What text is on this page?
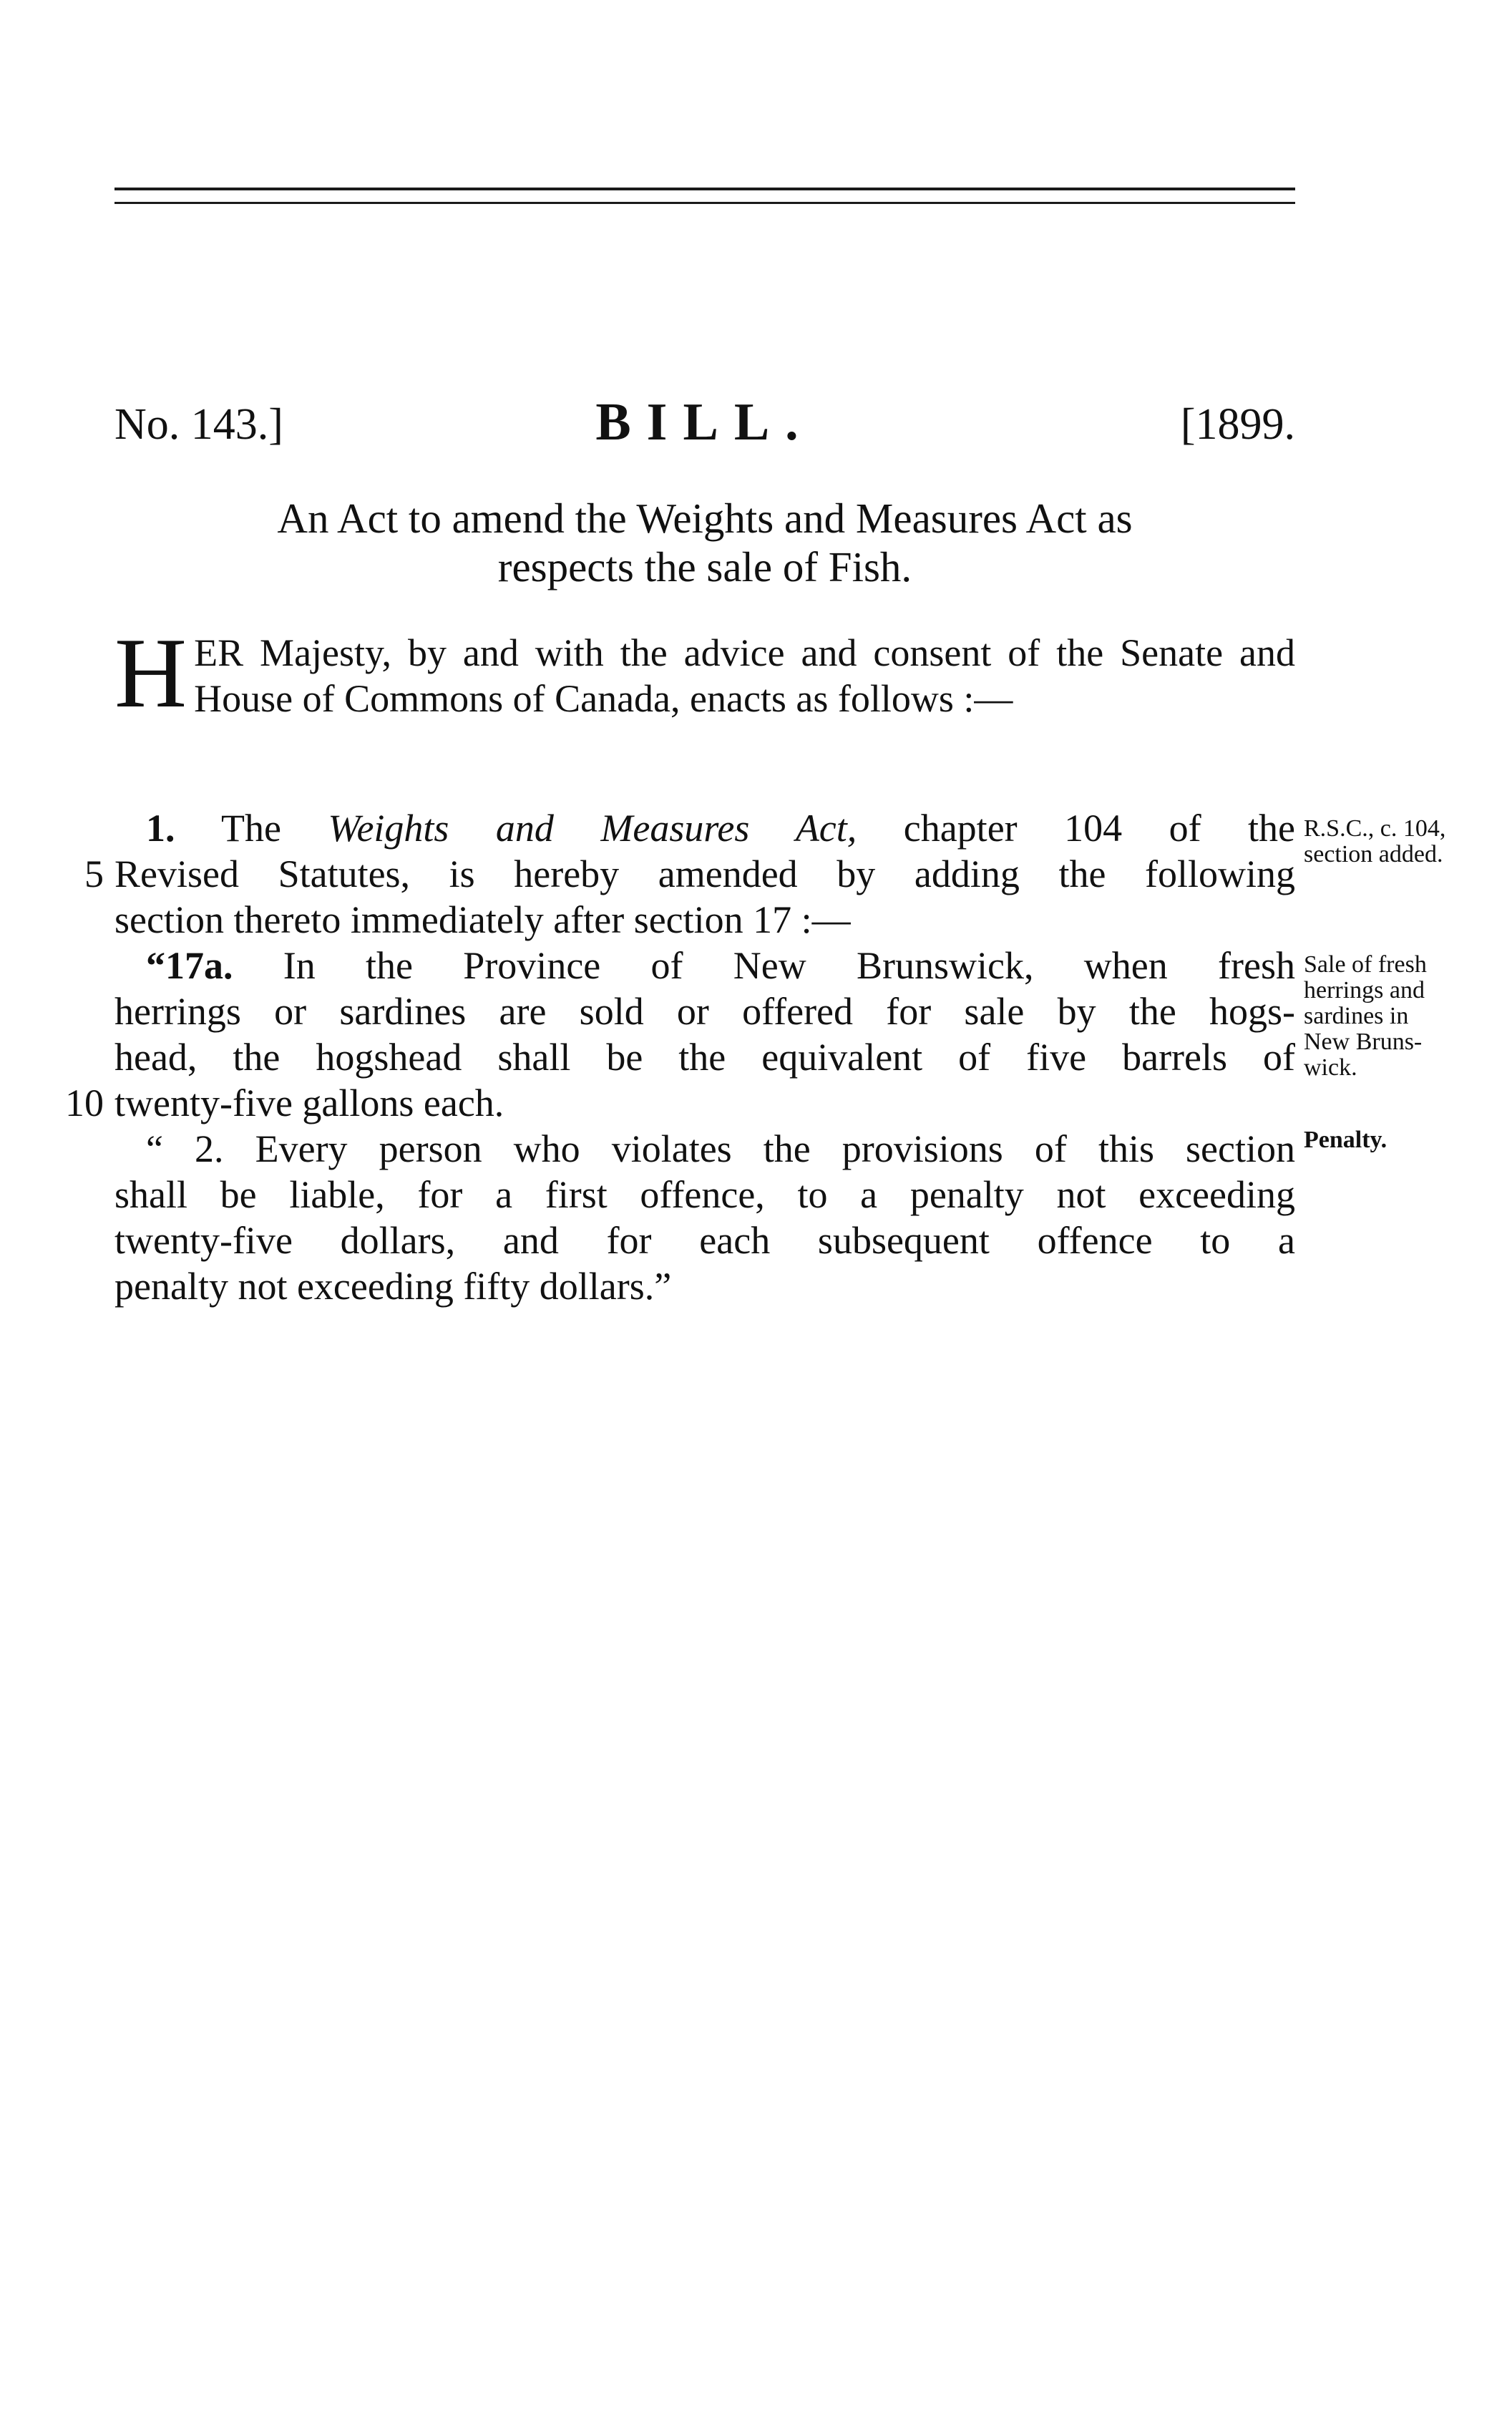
No. 143.]	BILL.	[1899.
An Act to amend the Weights and Measures Act as
respects the sale of Fish.
H ER Majesty, by and with the advice and consent of the Senate and House of Commons of Canada, enacts as follows :—
5
10
1. The Weights and Measures Act, chapter 104 of the
Revised Statutes, is hereby amended by adding the following
section thereto immediately after section 17 :—
“17a. In the Province of New Brunswick, when fresh
herrings or sardines are sold or offered for sale by the hogs-
head, the hogshead shall be the equivalent of five barrels of
twenty-five gallons each.
“ 2. Every person who violates the provisions of this section
shall be liable, for a first offence, to a penalty not exceeding
twenty-five dollars, and for each subsequent offence to a
penalty not exceeding fifty dollars.”
R.S.C., c. 104,
section added.
Sale of fresh
herrings and
sardines in
New Bruns-
wick.
Penalty.
